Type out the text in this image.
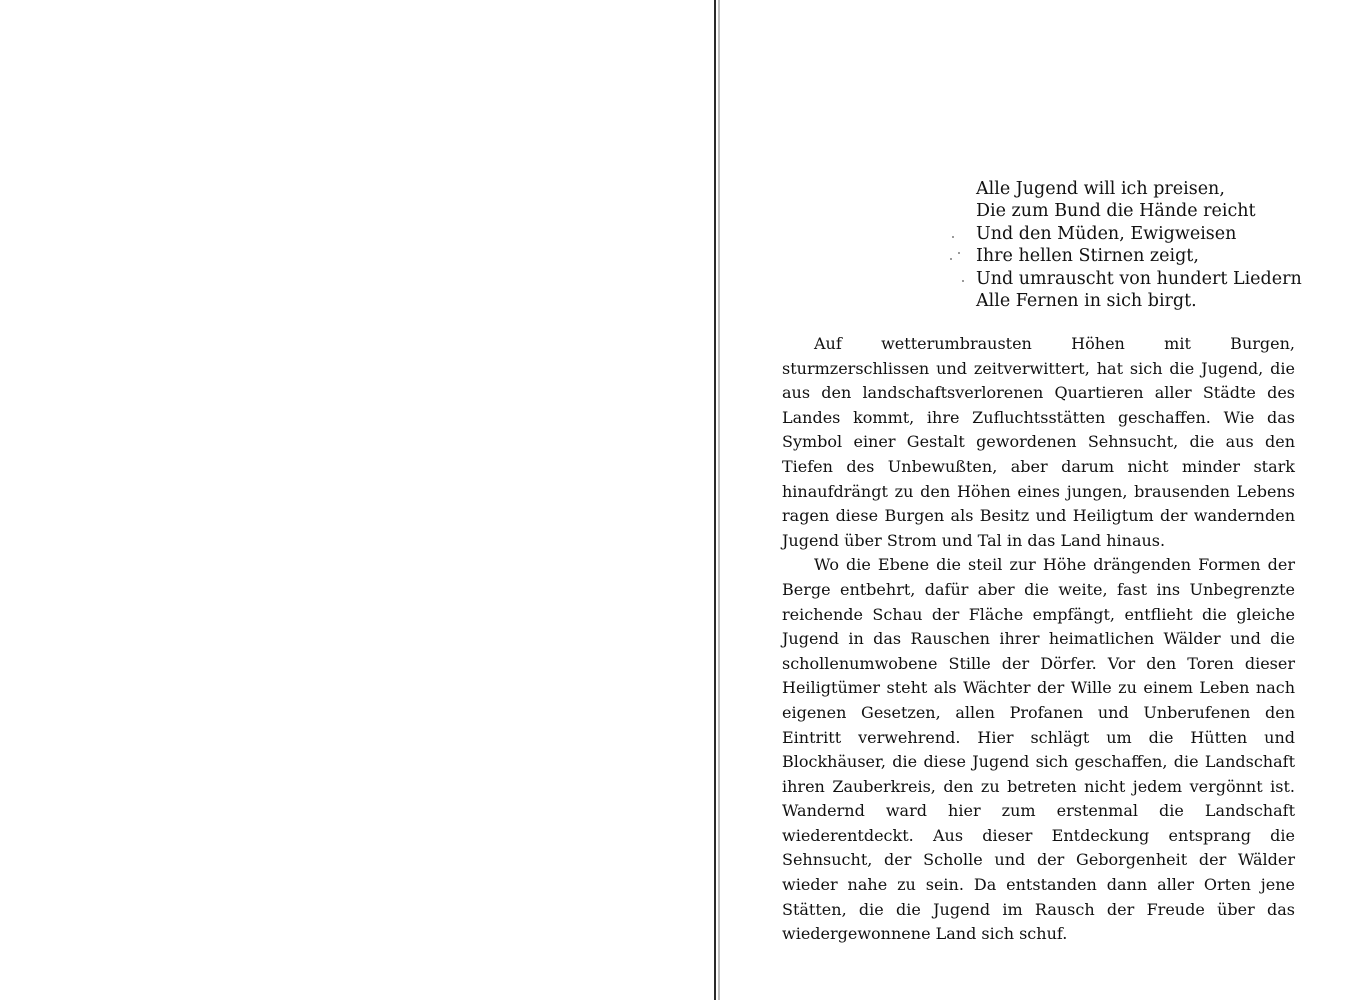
Alle Jugend will ich preisen,
Die zum Bund die Hände reicht
Und den Müden, Ewigweisen
Ihre hellen Stirnen zeigt,
Und umrauscht von hundert Liedern
Alle Fernen in sich birgt.

Auf wetterumbrausten Höhen mit Burgen, sturmzerschlissen und zeitverwittert, hat sich die Jugend, die aus den landschaftsverlorenen Quartieren aller Städte des Landes kommt, ihre Zufluchtsstätten geschaffen. Wie das Symbol einer Gestalt gewordenen Sehnsucht, die aus den Tiefen des Unbewußten, aber darum nicht minder stark hinaufdrängt zu den Höhen eines jungen, brausenden Lebens ragen diese Burgen als Besitz und Heiligtum der wandernden Jugend über Strom und Tal in das Land hinaus.

Wo die Ebene die steil zur Höhe drängenden Formen der Berge entbehrt, dafür aber die weite, fast ins Unbegrenzte reichende Schau der Fläche empfängt, entflieht die gleiche Jugend in das Rauschen ihrer heimatlichen Wälder und die schollenumwobene Stille der Dörfer. Vor den Toren dieser Heiligtümer steht als Wächter der Wille zu einem Leben nach eigenen Gesetzen, allen Profanen und Unberufenen den Eintritt verwehrend. Hier schlägt um die Hütten und Blockhäuser, die diese Jugend sich geschaffen, die Landschaft ihren Zauberkreis, den zu betreten nicht jedem vergönnt ist. Wandernd ward hier zum erstenmal die Landschaft wiederentdeckt. Aus dieser Entdeckung entsprang die Sehnsucht, der Scholle und der Geborgenheit der Wälder wieder nahe zu sein. Da entstanden dann aller Orten jene Stätten, die die Jugend im Rausch der Freude über das wiedergewonnene Land sich schuf.
